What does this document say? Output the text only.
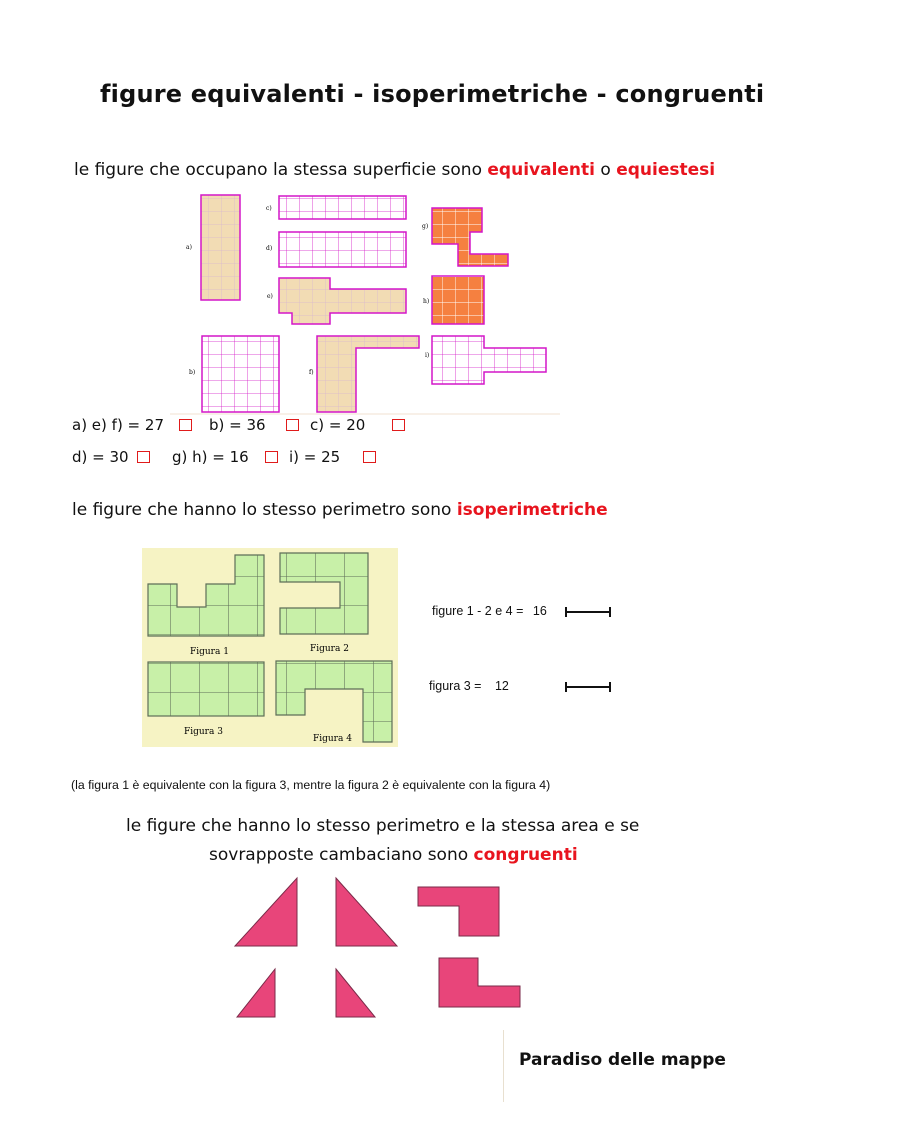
figure equivalenti - isoperimetriche - congruenti
le figure che occupano la stessa superficie sono equivalenti o equiestesi
a)
b)
c)
d)
e)
f)
g)
h)
i)
a) e) f) = 27	b) = 36	c) = 20
d) = 30	g) h) = 16	i) = 25
le figure che hanno lo stesso perimetro sono isoperimetriche
Figura 1	Figura 2
Figura 3
Figura 4
figure 1 - 2 e 4 = 16
figura 3 = 12
(la figura 1 è equivalente con la figura 3, mentre la figura 2 è equivalente con la figura 4)
le figure che hanno lo stesso perimetro e la stessa area e se
sovrapposte cambaciano sono congruenti
Paradiso delle mappe
